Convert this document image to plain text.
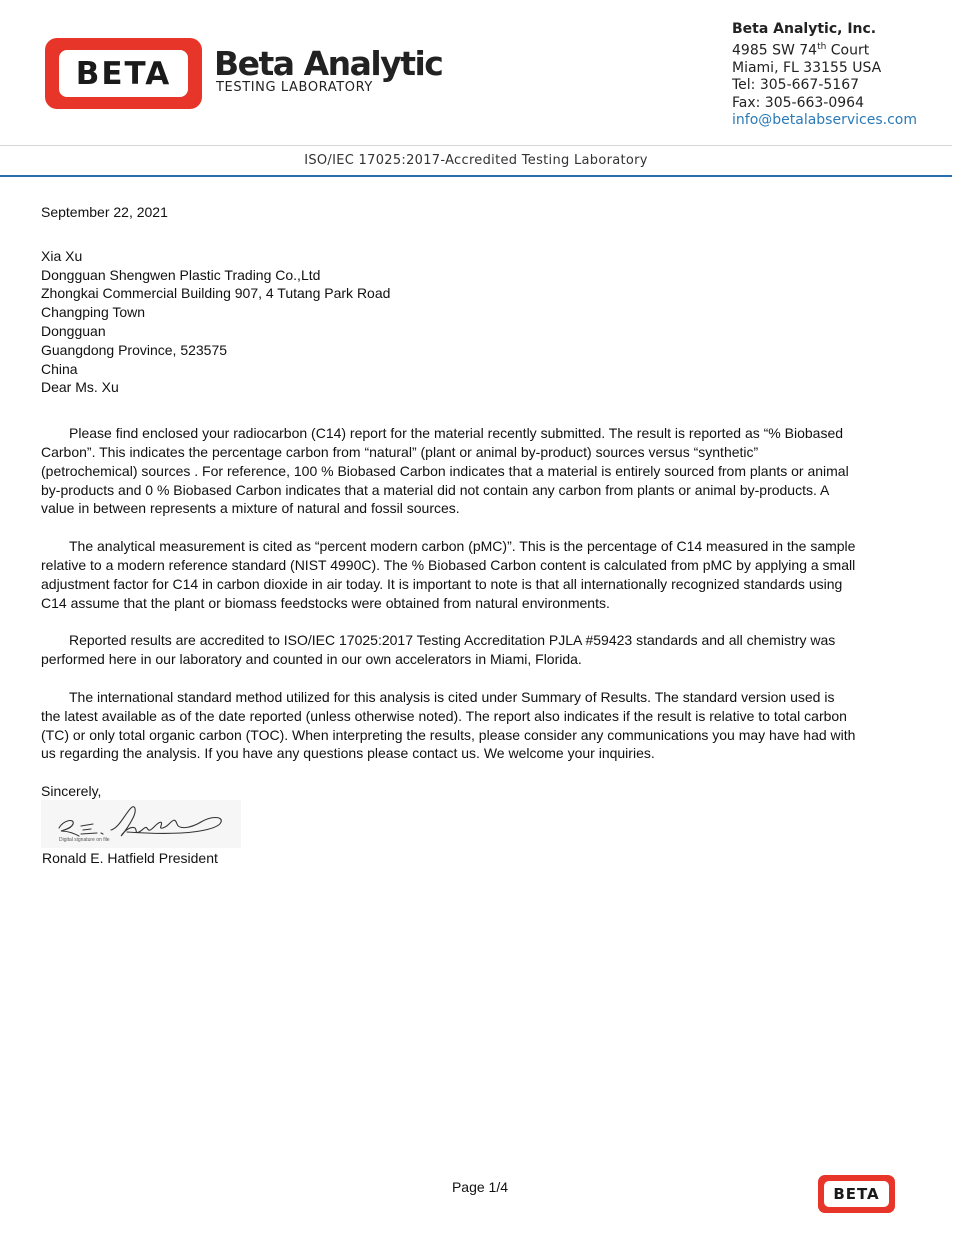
BETA	Beta Analytic
TESTING LABORATORY
Beta Analytic, Inc.
4985 SW 74th Court
Miami, FL 33155 USA
Tel: 305-667-5167
Fax: 305-663-0964
info@betalabservices.com
ISO/IEC 17025:2017-Accredited Testing Laboratory

September 22, 2021

Xia Xu

Dongguan Shengwen Plastic Trading Co.,Ltd

Zhongkai Commercial Building 907, 4 Tutang Park Road

Changping Town

Dongguan

Guangdong Province, 523575

China

Dear Ms. Xu

Please find enclosed your radiocarbon (C14) report for the material recently submitted. The result is reported as “% Biobased Carbon”. This indicates the percentage carbon from “natural” (plant or animal by-product) sources versus “synthetic” (petrochemical) sources . For reference, 100 % Biobased Carbon indicates that a material is entirely sourced from plants or animal by-products and 0 % Biobased Carbon indicates that a material did not contain any carbon from plants or animal by-products. A value in between represents a mixture of natural and fossil sources.

The analytical measurement is cited as “percent modern carbon (pMC)”. This is the percentage of C14 measured in the sample relative to a modern reference standard (NIST 4990C). The % Biobased Carbon content is calculated from pMC by applying a small adjustment factor for C14 in carbon dioxide in air today. It is important to note is that all internationally recognized standards using C14 assume that the plant or biomass feedstocks were obtained from natural environments.

Reported results are accredited to ISO/IEC 17025:2017 Testing Accreditation PJLA #59423 standards and all chemistry was performed here in our laboratory and counted in our own accelerators in Miami, Florida.

The international standard method utilized for this analysis is cited under Summary of Results. The standard version used is the latest available as of the date reported (unless otherwise noted). The report also indicates if the result is relative to total carbon (TC) or only total organic carbon (TOC). When interpreting the results, please consider any communications you may have had with us regarding the analysis. If you have any questions please contact us. We welcome your inquiries.

Sincerely,

Digital signature on file
Ronald E. Hatfield President
Page 1/4	BETA
